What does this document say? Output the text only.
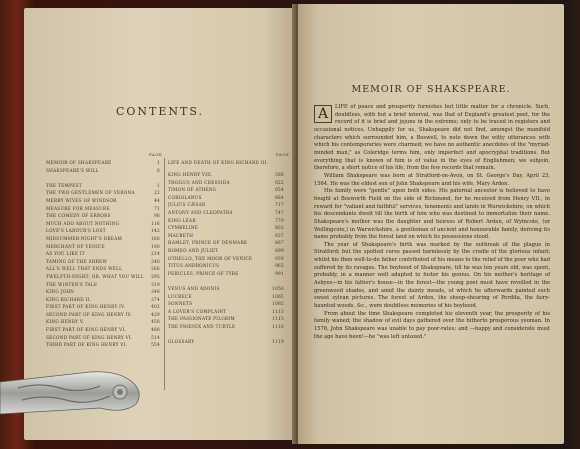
CONTENTS.
PAGE	PAGE
MEMOIR OF SHAKSPEARE	1
SHAKSPEARE'S WILL	8
THE TEMPEST	1
THE TWO GENTLEMEN OF VERONA	22
MERRY WIVES OF WINDSOR	44
MEASURE FOR MEASURE	71
THE COMEDY OF ERRORS	98
MUCH ADO ABOUT NOTHING	116
LOVE'S LABOUR'S LOST	142
MIDSUMMER-NIGHT'S DREAM	168
MERCHANT OF VENICE	190
AS YOU LIKE IT	214
TAMING OF THE SHREW	240
ALL'S WELL THAT ENDS WELL	266
TWELFTH-NIGHT; OR, WHAT YOU WILL	295
THE WINTER'S TALE	319
KING JOHN	348
KING RICHARD II.	374
FIRST PART OF KING HENRY IV.	402
SECOND PART OF KING HENRY IV.	429
KING HENRY V.	458
FIRST PART OF KING HENRY VI.	488
SECOND PART OF KING HENRY VI.	514
THIRD PART OF KING HENRY VI.	554
LIFE AND DEATH OF KING RICHARD III.
KING HENRY VIII.	586
TROILUS AND CRESSIDA	622
TIMON OF ATHENS	654
CORIOLANUS	684
JULIUS CÆSAR	717
ANTONY AND CLEOPATRA	747
KING LEAR	779
CYMBELINE	802
MACBETH	837
HAMLET, PRINCE OF DENMARK	867
ROMEO AND JULIET	899
OTHELLO, THE MOOR OF VENICE	939
TITUS ANDRONICUS	965
PERICLES, PRINCE OF TYRE	991
VENUS AND ADONIS	1050
LUCRECE	1065
SONNETS	1085
A LOVER'S COMPLAINT	1113
THE PASSIONATE PILGRIM	1115
THE PHŒNIX AND TURTLE	1116
GLOSSARY	1119
MEMOIR OF SHAKSPEARE.
A	LIFE of peace and prosperity furnishes but little matter for a chronicle. Such, doubtless, with but a brief interval, was that of England's greatest poet, for the record of it is brief and jejune in the extreme; only to be traced in registers and occasional notices. Unhappily for us, Shakspeare did not find, amongst the manifold characters which surrounded him, a Boswell, to note down the witty utterances with which his contemporaries were charmed; we have no authentic anecdotes of the "myriad-minded man," as Coleridge terms him, only imperfect and apocryphal traditions. But everything that is known of him is of value in the eyes of Englishmen; we subjoin, therefore, a short notice of his life, from the few records that remain.

William Shakspeare was born at Stratford-on-Avon, on St. George's Day, April 23, 1564. He was the eldest son of John Shakspeare and his wife, Mary Arden.

His family were "gentle" upon both sides. His paternal ancestor is believed to have fought at Bosworth Field on the side of Richmond, for he received from Henry VII., in reward for "valiant and faithful" services, tenements and lands in Warwickshire, on which his descendants dwelt till the birth of him who was destined to immortalize their name. Shakspeare's mother was the daughter and heiress of Robert Arden, of Wylncote, (or Wellingcote,) in Warwickshire, a gentleman of ancient and honourable family, deriving its name probably from the forest land on which its possessions stood.

The year of Shakspeare's birth was marked by the outbreak of the plague in Stratford; but the spotted curse passed harmlessly by the cradle of the glorious infant; whilst his then well-to-do father contributed of his means to the relief of the poor who had suffered by its ravages. The boyhood of Shakspeare, till he was ten years old, was spent, probably, in a manner well adapted to foster his genius. On his mother's heritage of Asbyes—in his father's house—in the forest—the young poet must have revelled in the greenwood shades, and amid the dainty meads, of which he afterwards painted such sweet sylvan pictures. The forest of Arden, the sheep-shearing of Perdita, the fairy-haunted woods, &c., were doubtless memories of his boyhood.

From about the time Shakspeare completed his eleventh year, the prosperity of his family waned; the shadow of evil days gathered over the hitherto prosperous yeoman. In 1578, John Shakspeare was unable to pay poor-rates; and —happy and considerate must the age have been!—he "was left untaxed."
